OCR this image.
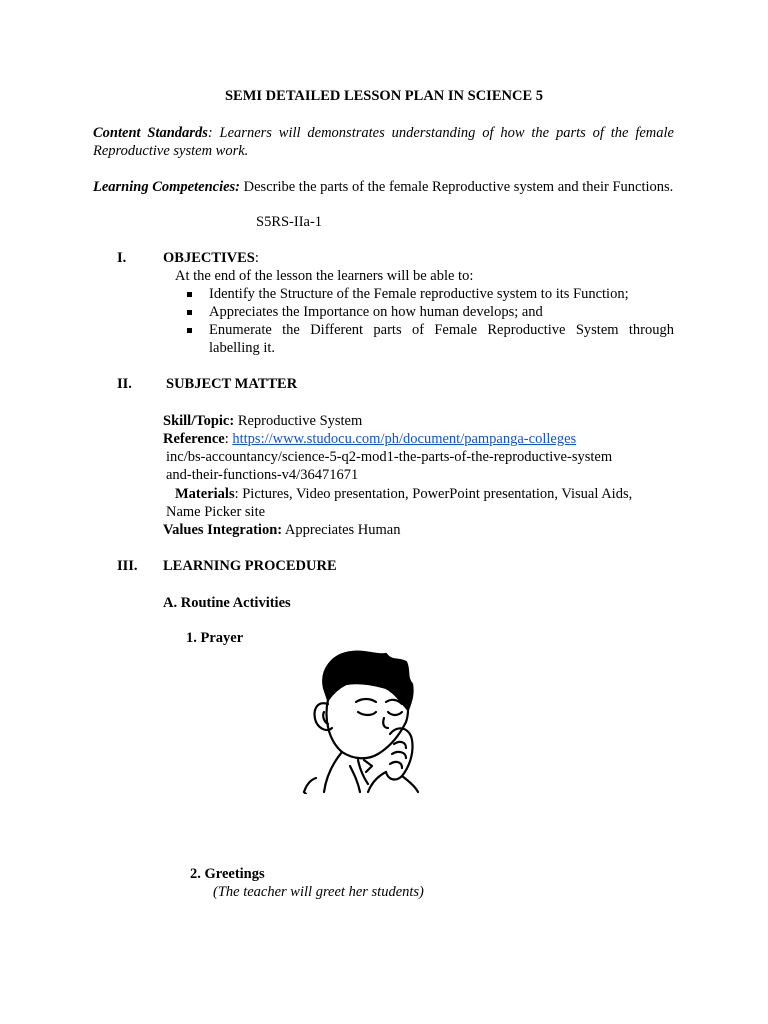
SEMI DETAILED LESSON PLAN IN SCIENCE 5
Content Standards: Learners will demonstrates understanding of how the parts of the female Reproductive system work.
Learning Competencies: Describe the parts of the female Reproductive system and their Functions.
S5RS-IIa-1
I.	OBJECTIVES:
At the end of the lesson the learners will be able to:
Identify the Structure of the Female reproductive system to its Function;
Appreciates the Importance on how human develops; and
Enumerate the Different parts of Female Reproductive System through
labelling it.
II. SUBJECT MATTER
Skill/Topic: Reproductive System
Reference: https://www.studocu.com/ph/document/pampanga-colleges
inc/bs-accountancy/science-5-q2-mod1-the-parts-of-the-reproductive-system
and-their-functions-v4/36471671
Materials: Pictures, Video presentation, PowerPoint presentation, Visual Aids,
Name Picker site
Values Integration: Appreciates Human
III. LEARNING PROCEDURE
A. Routine Activities
1. Prayer
2. Greetings
(The teacher will greet her students)
